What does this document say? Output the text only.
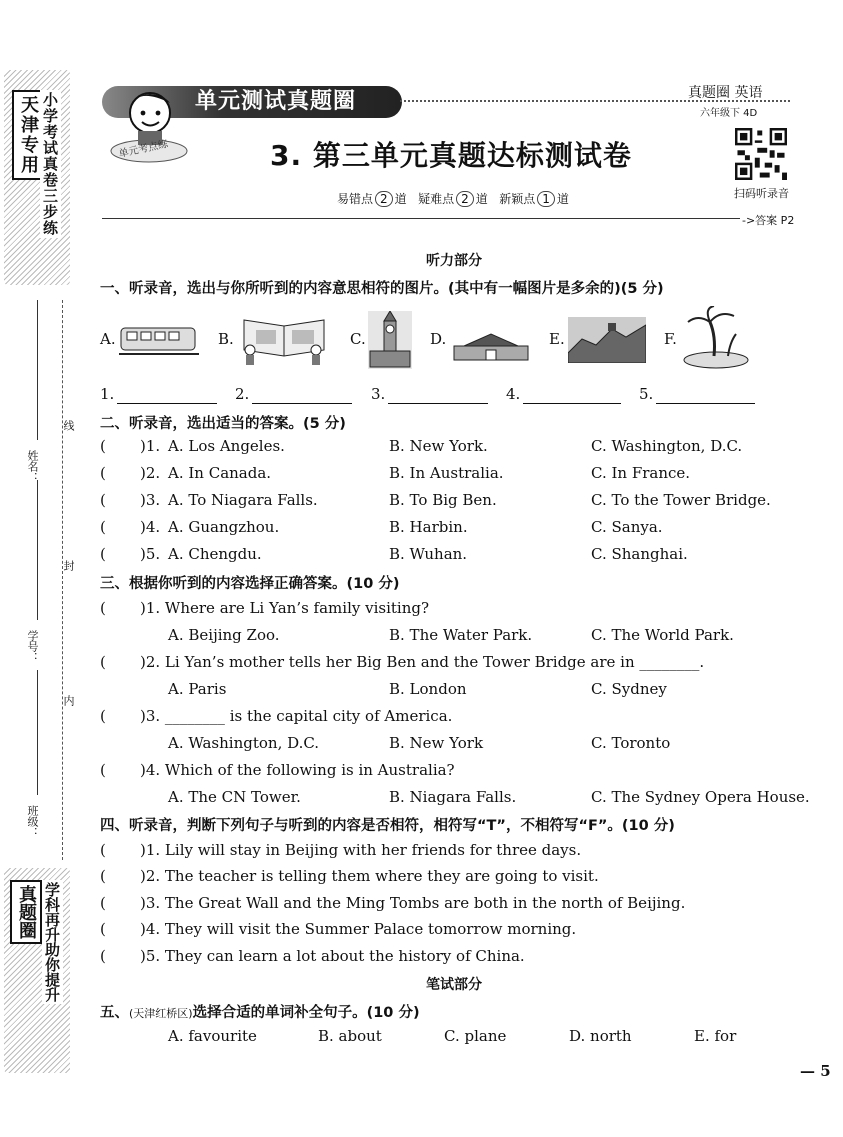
天津专用 小学考试真卷三步练
线
封
内
姓名：
学号：
班级：
真题圈 学科再升助你提升
单元测试真题圈
单元考点练
真题圈 英语
六年级下 4D
扫码听录音
3. 第三单元真题达标测试卷
易错点 2 道 疑难点 2 道 新颖点 1 道
->答案 P2
听力部分
一、听录音，选出与你所听到的内容意思相符的图片。(其中有一幅图片是多余的)(5 分)
A.	B.	C.	D.	E.	F.
1.	2.	3.	4.	5.
二、听录音，选出适当的答案。(5 分)
( )1. A. Los Angeles.	B. New York.	C. Washington, D.C.
( )2. A. In Canada.	B. In Australia.	C. In France.
( )3. A. To Niagara Falls.	B. To Big Ben.	C. To the Tower Bridge.
( )4. A. Guangzhou.	B. Harbin.	C. Sanya.
( )5. A. Chengdu.	B. Wuhan.	C. Shanghai.
三、根据你听到的内容选择正确答案。(10 分)
( )1. Where are Li Yan’s family visiting?
A. Beijing Zoo.	B. The Water Park.	C. The World Park.
( )2. Li Yan’s mother tells her Big Ben and the Tower Bridge are in ________.
A. Paris	B. London	C. Sydney
( )3. ________ is the capital city of America.
A. Washington, D.C.	B. New York	C. Toronto
( )4. Which of the following is in Australia?
A. The CN Tower.	B. Niagara Falls.	C. The Sydney Opera House.
四、听录音，判断下列句子与听到的内容是否相符，相符写“T”，不相符写“F”。(10 分)
( )1. Lily will stay in Beijing with her friends for three days.
( )2. The teacher is telling them where they are going to visit.
( )3. The Great Wall and the Ming Tombs are both in the north of Beijing.
( )4. They will visit the Summer Palace tomorrow morning.
( )5. They can learn a lot about the history of China.
笔试部分
五、(天津红桥区)选择合适的单词补全句子。(10 分)
A. favourite	B. about	C. plane	D. north	E. for
— 5
